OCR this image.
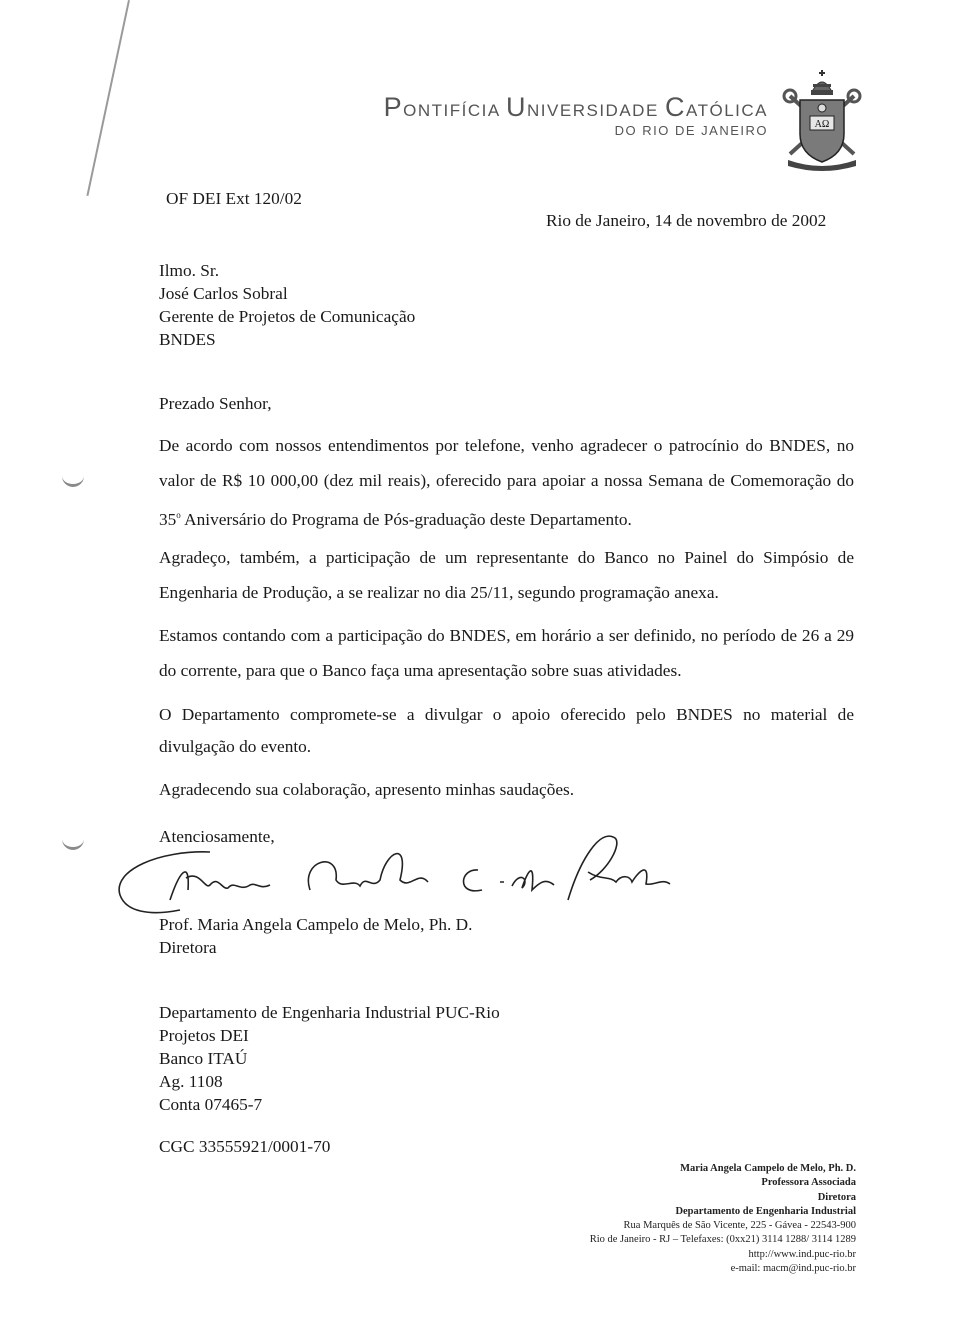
PONTIFÍCIA UNIVERSIDADE CATÓLICA
DO RIO DE JANEIRO	AΩ
OF DEI Ext 120/02
Rio de Janeiro, 14 de novembro de 2002
Ilmo. Sr.
José Carlos Sobral
Gerente de Projetos de Comunicação
BNDES
Prezado Senhor,
De acordo com nossos entendimentos por telefone, venho agradecer o patrocínio do BNDES, no valor de R$ 10 000,00 (dez mil reais), oferecido para apoiar a nossa Semana de Comemoração do 35$^o$ Aniversário do Programa de Pós-graduação deste Departamento.
Agradeço, também, a participação de um representante do Banco no Painel do Simpósio de Engenharia de Produção, a se realizar no dia 25/11, segundo programação anexa.
Estamos contando com a participação do BNDES, em horário a ser definido, no período de 26 a 29 do corrente, para que o Banco faça uma apresentação sobre suas atividades.
O Departamento compromete-se a divulgar o apoio oferecido pelo BNDES no material de divulgação do evento.
Agradecendo sua colaboração, apresento minhas saudações.
Atenciosamente,
Maria Angela C. de Melo
Prof. Maria Angela Campelo de Melo, Ph. D.
Diretora
Departamento de Engenharia Industrial PUC-Rio
Projetos DEI
Banco ITAÚ
Ag. 1108
Conta 07465-7
CGC 33555921/0001-70
Maria Angela Campelo de Melo, Ph. D.
Professora Associada
Diretora
Departamento de Engenharia Industrial
Rua Marquês de São Vicente, 225 - Gávea - 22543-900
Rio de Janeiro - RJ – Telefaxes: (0xx21) 3114 1288/ 3114 1289
http://www.ind.puc-rio.br
e-mail: macm@ind.puc-rio.br
